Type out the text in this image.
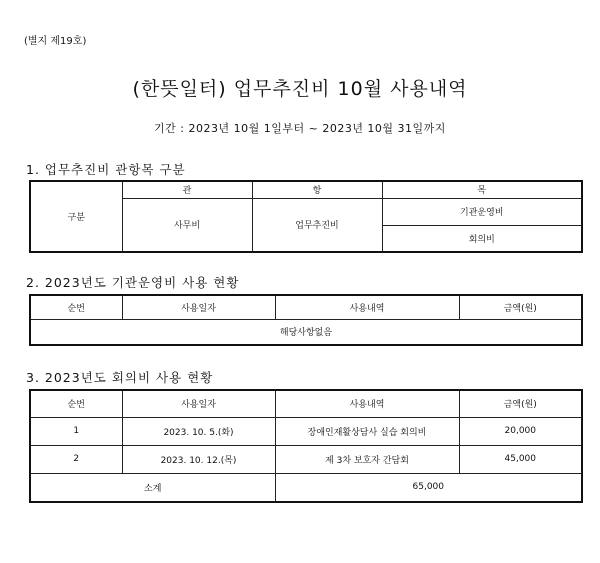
(별지 제19호)
(한뜻일터) 업무추진비 10월 사용내역
기간 : 2023년 10월 1일부터 ~ 2023년 10월 31일까지
1. 업무추진비 관항목 구분
구분	관	항	목
	사무비	업무추진비	기관운영비
			회의비
2. 2023년도 기관운영비 사용 현황
순번	사용일자	사용내역	금액(원)
해당사항없음
3. 2023년도 회의비 사용 현황
순번	사용일자	사용내역	금액(원)
1	2023. 10. 5.(화)	장애인재활상담사 실습 회의비	20,000
2	2023. 10. 12.(목)	제 3차 보호자 간담회	45,000
소계		65,000	
